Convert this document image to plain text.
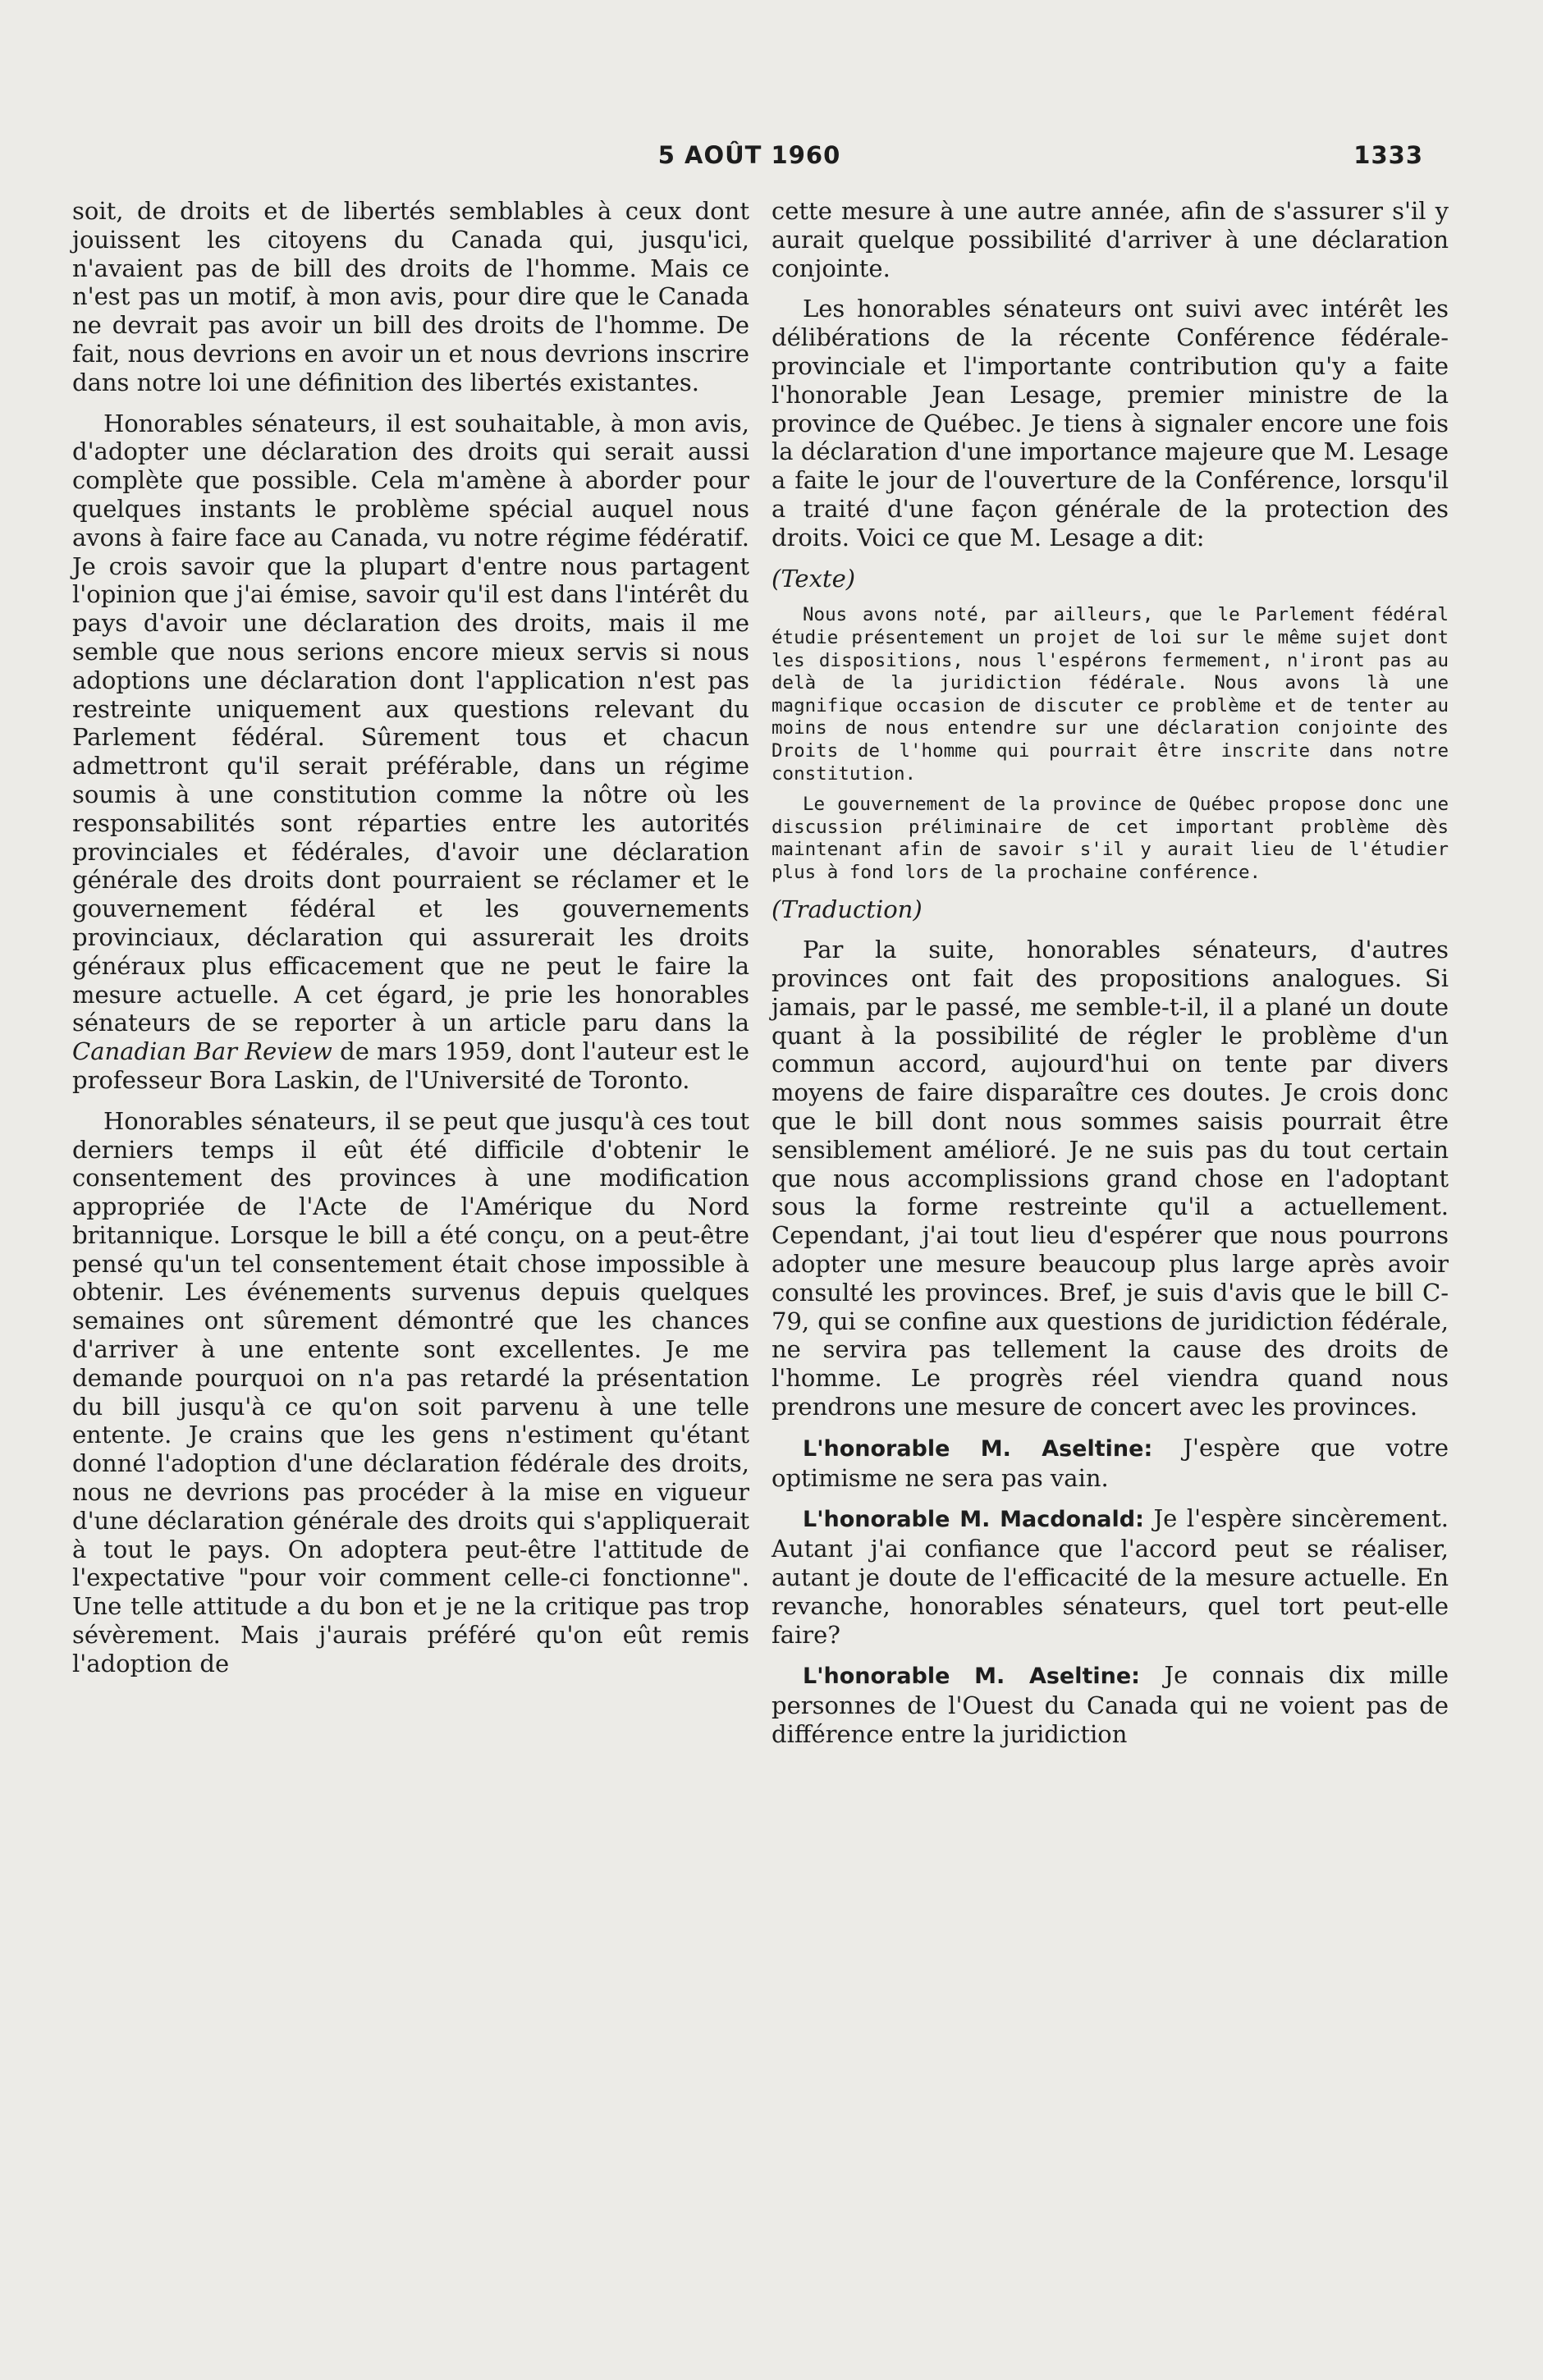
5 AOÛT 1960	1333

soit, de droits et de libertés semblables à ceux dont jouissent les citoyens du Canada qui, jusqu'ici, n'avaient pas de bill des droits de l'homme. Mais ce n'est pas un motif, à mon avis, pour dire que le Canada ne devrait pas avoir un bill des droits de l'homme. De fait, nous devrions en avoir un et nous devrions inscrire dans notre loi une définition des libertés existantes.

Honorables sénateurs, il est souhaitable, à mon avis, d'adopter une déclaration des droits qui serait aussi complète que possible. Cela m'amène à aborder pour quelques instants le problème spécial auquel nous avons à faire face au Canada, vu notre régime fédératif. Je crois savoir que la plupart d'entre nous partagent l'opinion que j'ai émise, savoir qu'il est dans l'intérêt du pays d'avoir une déclaration des droits, mais il me semble que nous serions encore mieux servis si nous adoptions une déclaration dont l'application n'est pas restreinte uniquement aux questions relevant du Parlement fédéral. Sûrement tous et chacun admettront qu'il serait préférable, dans un régime soumis à une constitution comme la nôtre où les responsabilités sont réparties entre les autorités provinciales et fédérales, d'avoir une déclaration générale des droits dont pourraient se réclamer et le gouvernement fédéral et les gouvernements provinciaux, déclaration qui assurerait les droits généraux plus efficacement que ne peut le faire la mesure actuelle. A cet égard, je prie les honorables sénateurs de se reporter à un article paru dans la Canadian Bar Review de mars 1959, dont l'auteur est le professeur Bora Laskin, de l'Université de Toronto.

Honorables sénateurs, il se peut que jusqu'à ces tout derniers temps il eût été difficile d'obtenir le consentement des provinces à une modification appropriée de l'Acte de l'Amérique du Nord britannique. Lorsque le bill a été conçu, on a peut-être pensé qu'un tel consentement était chose impossible à obtenir. Les événements survenus depuis quelques semaines ont sûrement démontré que les chances d'arriver à une entente sont excellentes. Je me demande pourquoi on n'a pas retardé la présentation du bill jusqu'à ce qu'on soit parvenu à une telle entente. Je crains que les gens n'estiment qu'étant donné l'adoption d'une déclaration fédérale des droits, nous ne devrions pas procéder à la mise en vigueur d'une déclaration générale des droits qui s'appliquerait à tout le pays. On adoptera peut-être l'attitude de l'expectative "pour voir comment celle-ci fonctionne". Une telle attitude a du bon et je ne la critique pas trop sévèrement. Mais j'aurais préféré qu'on eût remis l'adoption de

cette mesure à une autre année, afin de s'assurer s'il y aurait quelque possibilité d'arriver à une déclaration conjointe.

Les honorables sénateurs ont suivi avec intérêt les délibérations de la récente Conférence fédérale-provinciale et l'importante contribution qu'y a faite l'honorable Jean Lesage, premier ministre de la province de Québec. Je tiens à signaler encore une fois la déclaration d'une importance majeure que M. Lesage a faite le jour de l'ouverture de la Conférence, lorsqu'il a traité d'une façon générale de la protection des droits. Voici ce que M. Lesage a dit:

(Texte)
Nous avons noté, par ailleurs, que le Parlement fédéral étudie présentement un projet de loi sur le même sujet dont les dispositions, nous l'espérons fermement, n'iront pas au delà de la juridiction fédérale. Nous avons là une magnifique occasion de discuter ce problème et de tenter au moins de nous entendre sur une déclaration conjointe des Droits de l'homme qui pourrait être inscrite dans notre constitution.
Le gouvernement de la province de Québec propose donc une discussion préliminaire de cet important problème dès maintenant afin de savoir s'il y aurait lieu de l'étudier plus à fond lors de la prochaine conférence.
(Traduction)

Par la suite, honorables sénateurs, d'autres provinces ont fait des propositions analogues. Si jamais, par le passé, me semble-t-il, il a plané un doute quant à la possibilité de régler le problème d'un commun accord, aujourd'hui on tente par divers moyens de faire disparaître ces doutes. Je crois donc que le bill dont nous sommes saisis pourrait être sensiblement amélioré. Je ne suis pas du tout certain que nous accomplissions grand chose en l'adoptant sous la forme restreinte qu'il a actuellement. Cependant, j'ai tout lieu d'espérer que nous pourrons adopter une mesure beaucoup plus large après avoir consulté les provinces. Bref, je suis d'avis que le bill C-79, qui se confine aux questions de juridiction fédérale, ne servira pas tellement la cause des droits de l'homme. Le progrès réel viendra quand nous prendrons une mesure de concert avec les provinces.

L'honorable M. Aseltine: J'espère que votre optimisme ne sera pas vain.

L'honorable M. Macdonald: Je l'espère sincèrement. Autant j'ai confiance que l'accord peut se réaliser, autant je doute de l'efficacité de la mesure actuelle. En revanche, honorables sénateurs, quel tort peut-elle faire?

L'honorable M. Aseltine: Je connais dix mille personnes de l'Ouest du Canada qui ne voient pas de différence entre la juridiction
